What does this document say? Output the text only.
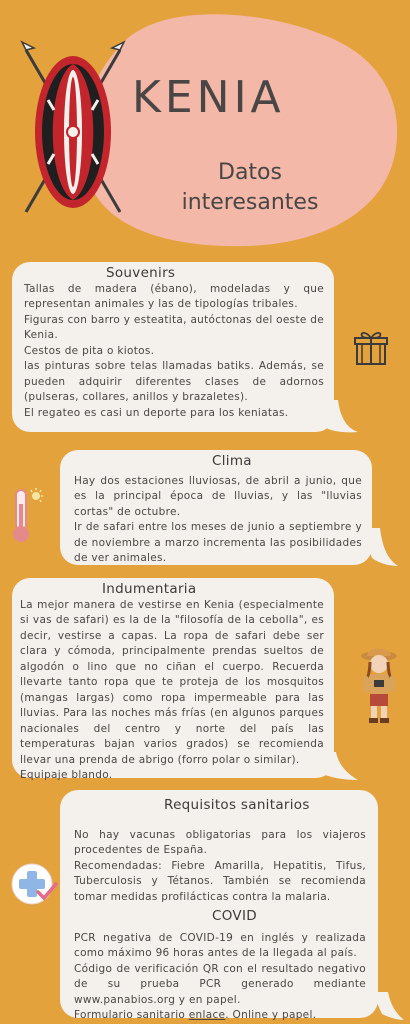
KENIA
Datos
interesantes
Souvenirs

Tallas de madera (ébano), modeladas y que representan animales y las de tipologías tribales.

Figuras con barro y esteatita, autóctonas del oeste de Kenia.

Cestos de pita o kiotos.

las pinturas sobre telas llamadas batiks. Además, se pueden adquirir diferentes clases de adornos (pulseras, collares, anillos y brazaletes).

El regateo es casi un deporte para los keniatas.

Clima

Hay dos estaciones lluviosas, de abril a junio, que es la principal época de lluvias, y las "lluvias cortas" de octubre.

Ir de safari entre los meses de junio a septiembre y de noviembre a marzo incrementa las posibilidades de ver animales.

Indumentaria

La mejor manera de vestirse en Kenia (especialmente si vas de safari) es la de la "filosofía de la cebolla", es decir, vestirse a capas. La ropa de safari debe ser clara y cómoda, principalmente prendas sueltos de algodón o lino que no ciñan el cuerpo. Recuerda llevarte tanto ropa que te proteja de los mosquitos (mangas largas) como ropa impermeable para las lluvias. Para las noches más frías (en algunos parques nacionales del centro y norte del país las temperaturas bajan varios grados) se recomienda llevar una prenda de abrigo (forro polar o similar).

Equipaje blando.

Requisitos sanitarios

No hay vacunas obligatorias para los viajeros procedentes de España.

Recomendadas: Fiebre Amarilla, Hepatitis, Tifus, Tuberculosis y Tétanos. También se recomienda tomar medidas profilácticas contra la malaria.

COVID

PCR negativa de COVID-19 en inglés y realizada como máximo 96 horas antes de la llegada al país.

Código de verificación QR con el resultado negativo de su prueba PCR generado mediante www.panabios.org y en papel.

Formulario sanitario enlace. Online y papel.
